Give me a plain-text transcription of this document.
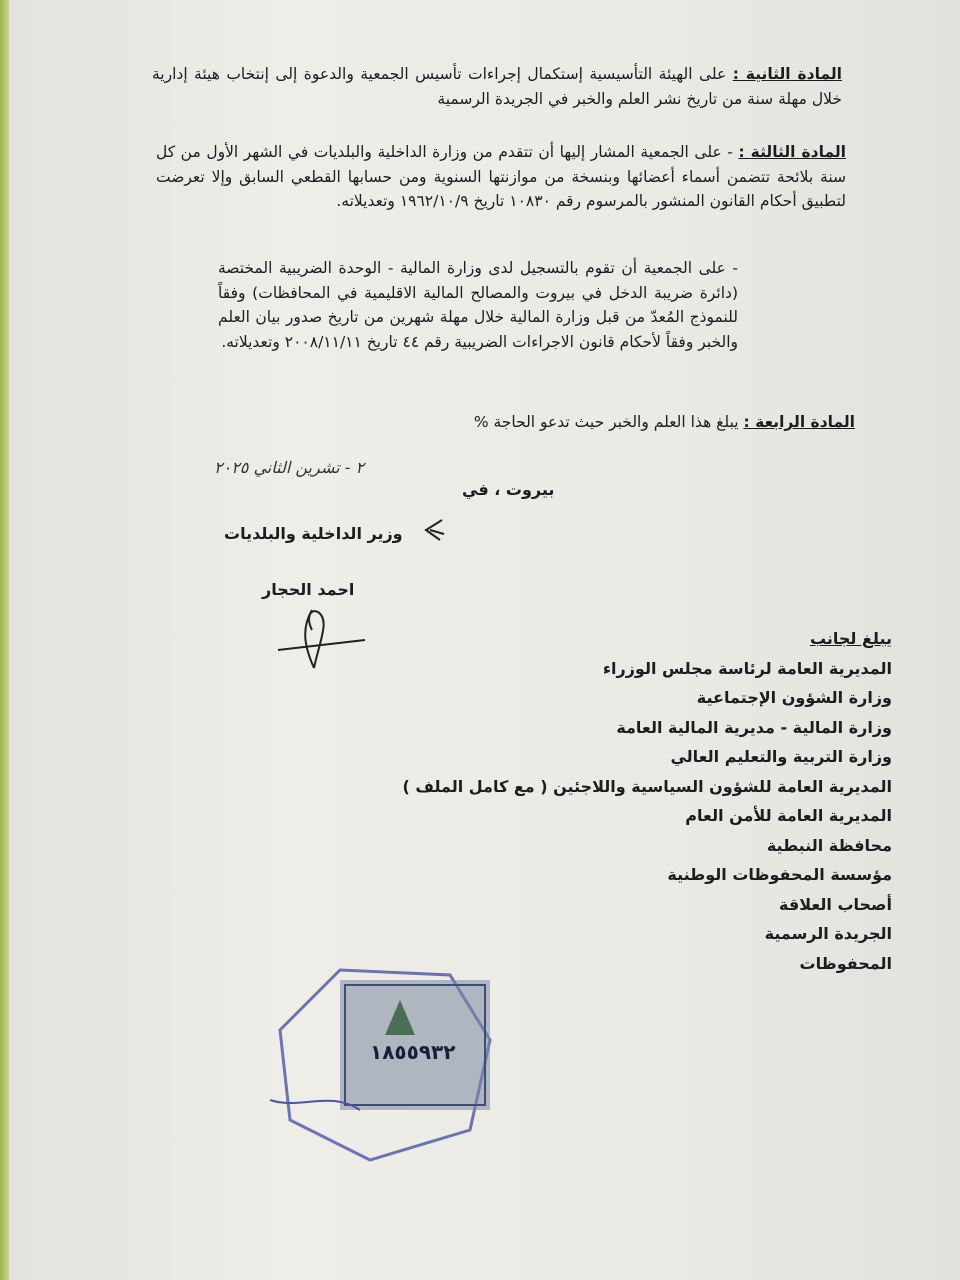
المادة الثانية : على الهيئة التأسيسية إستكمال إجراءات تأسيس الجمعية والدعوة إلى إنتخاب هيئة إدارية خلال مهلة سنة من تاريخ نشر العلم والخبر في الجريدة الرسمية
المادة الثالثة : - على الجمعية المشار إليها أن تتقدم من وزارة الداخلية والبلديات في الشهر الأول من كل سنة بلائحة تتضمن أسماء أعضائها وبنسخة من موازنتها السنوية ومن حسابها القطعي السابق وإلا تعرضت لتطبيق أحكام القانون المنشور بالمرسوم رقم ١٠٨٣٠ تاريخ ١٩٦٢/١٠/٩ وتعديلاته.
- على الجمعية أن تقوم بالتسجيل لدى وزارة المالية - الوحدة الضريبية المختصة (دائرة ضريبة الدخل في بيروت والمصالح المالية الاقليمية في المحافظات) وفقاً للنموذج المُعدّ من قبل وزارة المالية خلال مهلة شهرين من تاريخ صدور بيان العلم والخبر وفقاً لأحكام قانون الاجراءات الضريبية رقم ٤٤ تاريخ ٢٠٠٨/١١/١١ وتعديلاته.
المادة الرابعة : يبلغ هذا العلم والخبر حيث تدعو الحاجة %
٢ - تشرين الثاني ٢٠٢٥
بيروت ، في
وزير الداخلية والبلديات
احمد الحجار
يبلغ لجانب
المديرية العامة لرئاسة مجلس الوزراء
وزارة الشؤون الإجتماعية
وزارة المالية - مديرية المالية العامة
وزارة التربية والتعليم العالي
المديرية العامة للشؤون السياسية واللاجئين ( مع كامل الملف )
المديرية العامة للأمن العام
محافظة النبطية
مؤسسة المحفوظات الوطنية
أصحاب العلاقة
الجريدة الرسمية
المحفوظات
١٨٥٥٩٣٢
